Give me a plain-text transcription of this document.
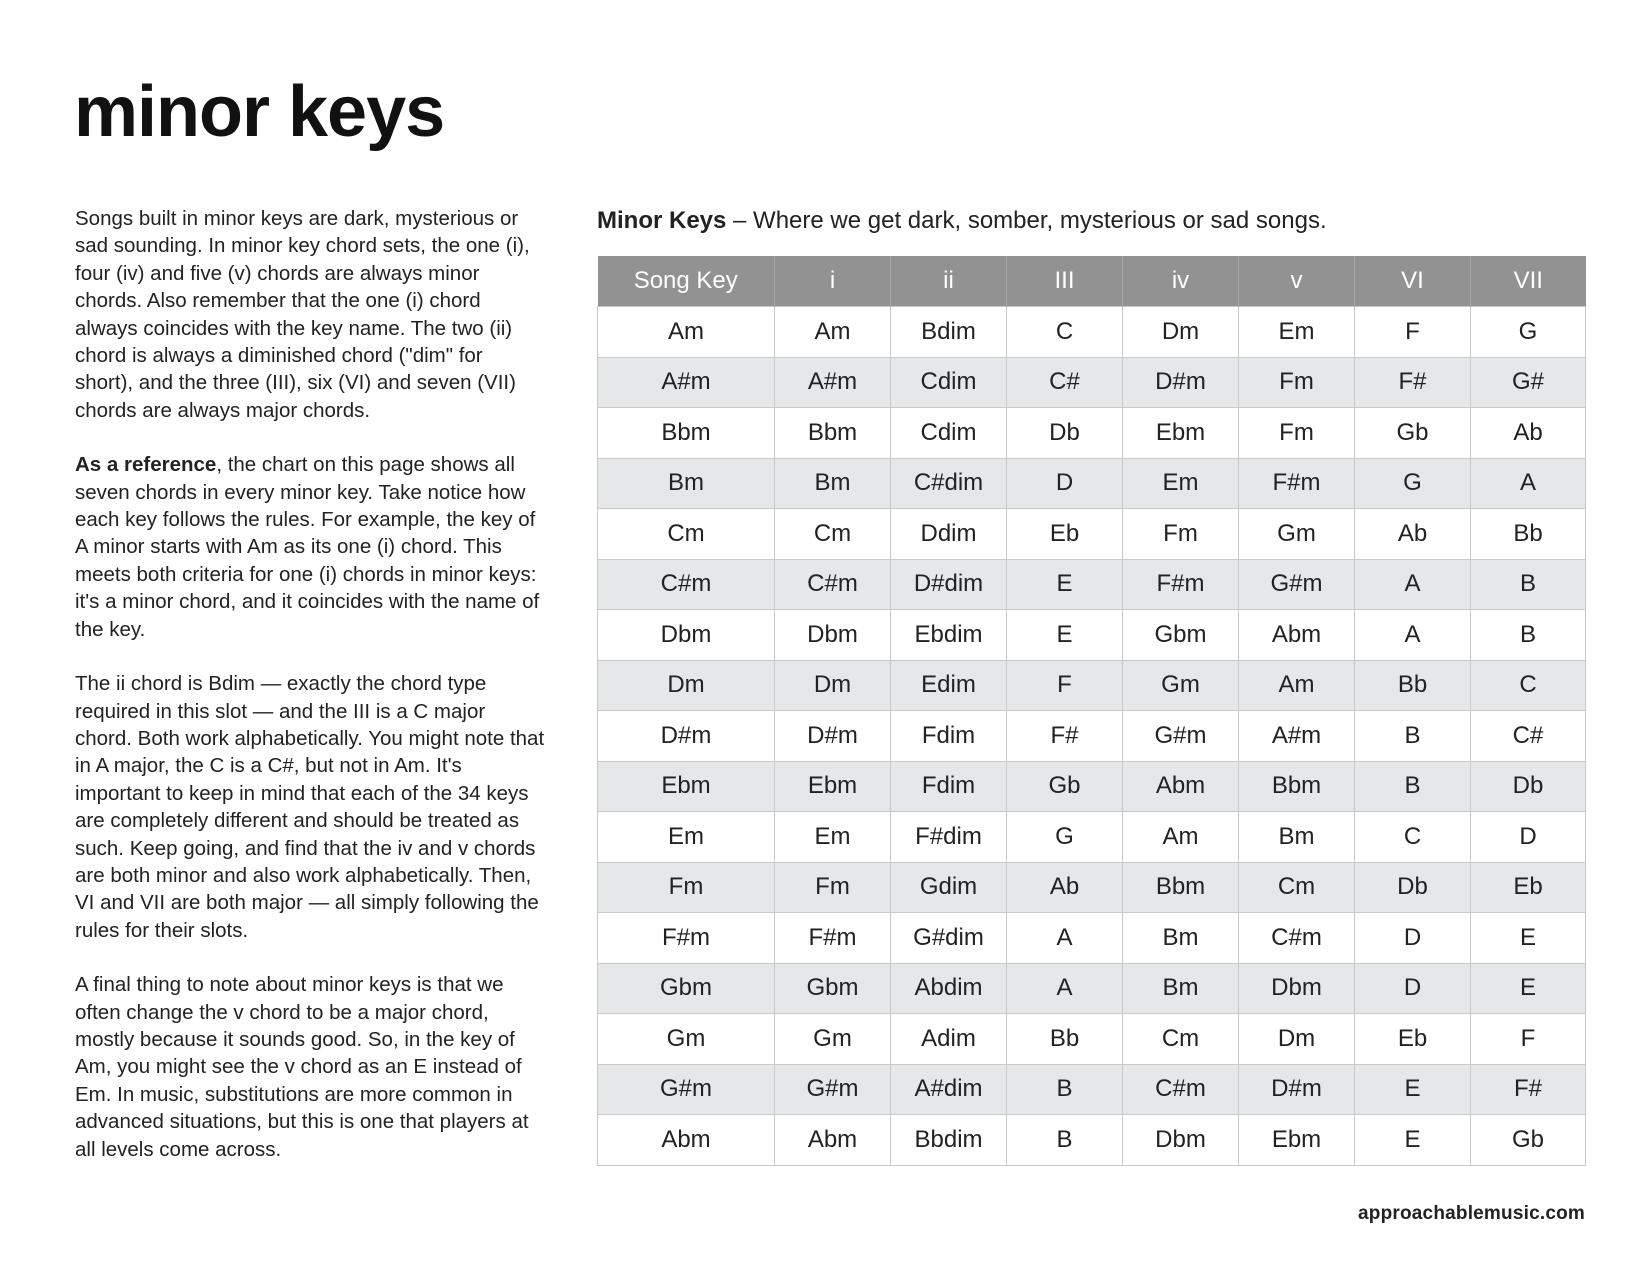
minor keys

Songs built in minor keys are dark, mysterious or sad sounding. In minor key chord sets, the one (i), four (iv) and five (v) chords are always minor chords. Also remember that the one (i) chord always coincides with the key name. The two (ii) chord is always a diminished chord ("dim" for short), and the three (III), six (VI) and seven (VII) chords are always major chords.

As a reference, the chart on this page shows all seven chords in every minor key. Take notice how each key follows the rules. For example, the key of A minor starts with Am as its one (i) chord. This meets both criteria for one (i) chords in minor keys: it's a minor chord, and it coincides with the name of the key.

The ii chord is Bdim — exactly the chord type required in this slot — and the III is a C major chord. Both work alphabetically. You might note that in A major, the C is a C#, but not in Am. It's important to keep in mind that each of the 34 keys are completely different and should be treated as such. Keep going, and find that the iv and v chords are both minor and also work alphabetically. Then, VI and VII are both major — all simply following the rules for their slots.

A final thing to note about minor keys is that we often change the v chord to be a major chord, mostly because it sounds good. So, in the key of Am, you might see the v chord as an E instead of Em. In music, substitutions are more common in advanced situations, but this is one that players at all levels come across.

Minor Keys – Where we get dark, somber, mysterious or sad songs.
Song Key	i	ii	III	iv	v	VI	VII
Am	Am	Bdim	C	Dm	Em	F	G
A#m	A#m	Cdim	C#	D#m	Fm	F#	G#
Bbm	Bbm	Cdim	Db	Ebm	Fm	Gb	Ab
Bm	Bm	C#dim	D	Em	F#m	G	A
Cm	Cm	Ddim	Eb	Fm	Gm	Ab	Bb
C#m	C#m	D#dim	E	F#m	G#m	A	B
Dbm	Dbm	Ebdim	E	Gbm	Abm	A	B
Dm	Dm	Edim	F	Gm	Am	Bb	C
D#m	D#m	Fdim	F#	G#m	A#m	B	C#
Ebm	Ebm	Fdim	Gb	Abm	Bbm	B	Db
Em	Em	F#dim	G	Am	Bm	C	D
Fm	Fm	Gdim	Ab	Bbm	Cm	Db	Eb
F#m	F#m	G#dim	A	Bm	C#m	D	E
Gbm	Gbm	Abdim	A	Bm	Dbm	D	E
Gm	Gm	Adim	Bb	Cm	Dm	Eb	F
G#m	G#m	A#dim	B	C#m	D#m	E	F#
Abm	Abm	Bbdim	B	Dbm	Ebm	E	Gb
approachablemusic.com
